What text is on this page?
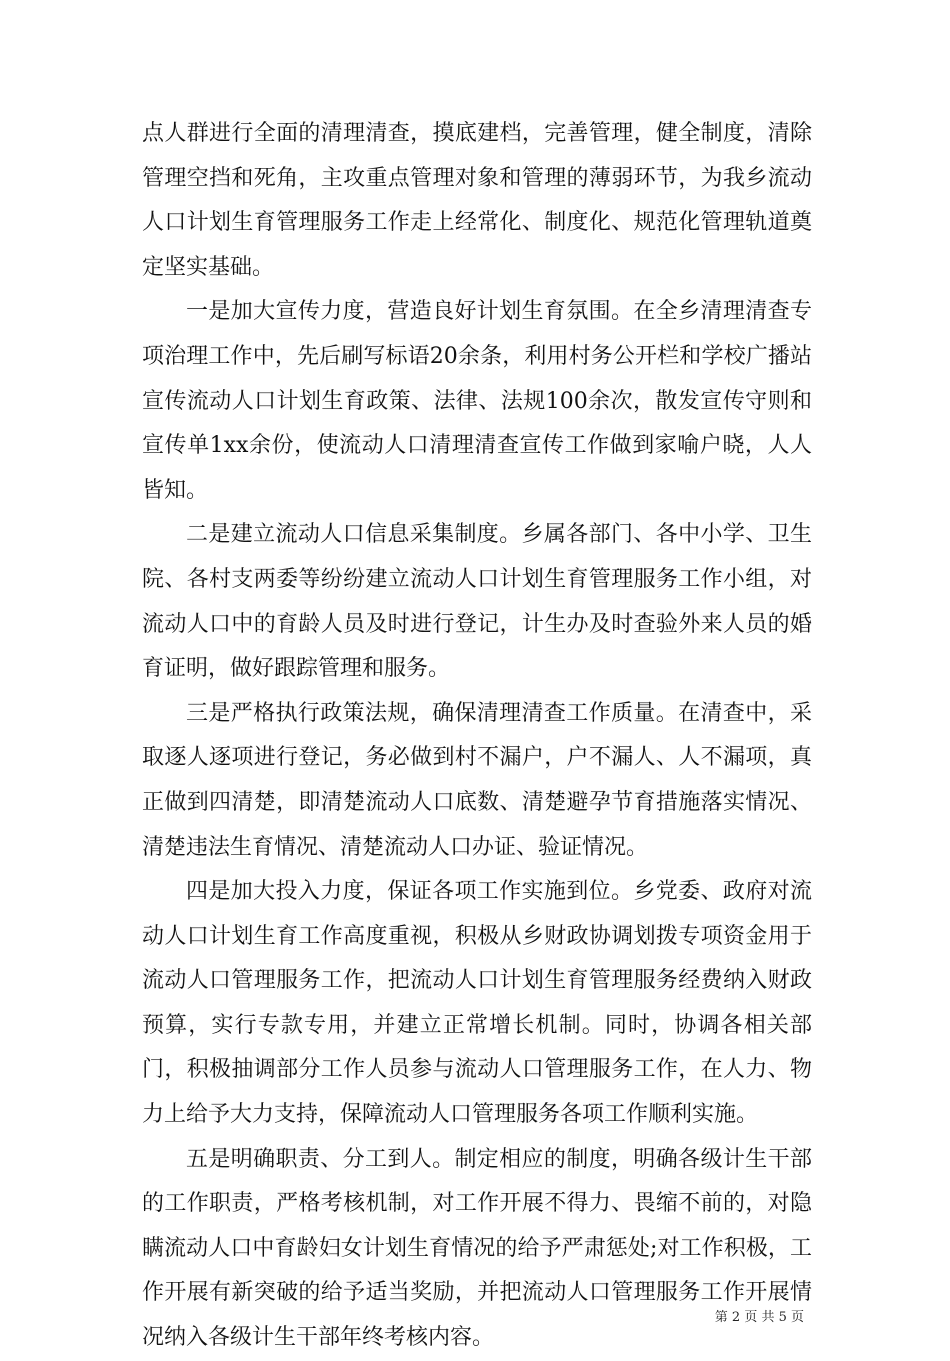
点人群进行全面的清理清查，摸底建档，完善管理，健全制度，清除管理空挡和死角，主攻重点管理对象和管理的薄弱环节，为我乡流动人口计划生育管理服务工作走上经常化、制度化、规范化管理轨道奠定坚实基础。

一是加大宣传力度，营造良好计划生育氛围。在全乡清理清查专项治理工作中，先后刷写标语20余条，利用村务公开栏和学校广播站宣传流动人口计划生育政策、法律、法规100余次，散发宣传守则和宣传单1xx余份，使流动人口清理清查宣传工作做到家喻户晓，人人皆知。

二是建立流动人口信息采集制度。乡属各部门、各中小学、卫生院、各村支两委等纷纷建立流动人口计划生育管理服务工作小组，对流动人口中的育龄人员及时进行登记，计生办及时查验外来人员的婚育证明，做好跟踪管理和服务。

三是严格执行政策法规，确保清理清查工作质量。在清查中，采取逐人逐项进行登记，务必做到村不漏户，户不漏人、人不漏项，真正做到四清楚，即清楚流动人口底数、清楚避孕节育措施落实情况、清楚违法生育情况、清楚流动人口办证、验证情况。

四是加大投入力度，保证各项工作实施到位。乡党委、政府对流动人口计划生育工作高度重视，积极从乡财政协调划拨专项资金用于流动人口管理服务工作，把流动人口计划生育管理服务经费纳入财政预算，实行专款专用，并建立正常增长机制。同时，协调各相关部门，积极抽调部分工作人员参与流动人口管理服务工作，在人力、物力上给予大力支持，保障流动人口管理服务各项工作顺利实施。

五是明确职责、分工到人。制定相应的制度，明确各级计生干部的工作职责，严格考核机制，对工作开展不得力、畏缩不前的，对隐瞒流动人口中育龄妇女计划生育情况的给予严肃惩处;对工作积极，工作开展有新突破的给予适当奖励，并把流动人口管理服务工作开展情况纳入各级计生干部年终考核内容。

第 2 页 共 5 页
